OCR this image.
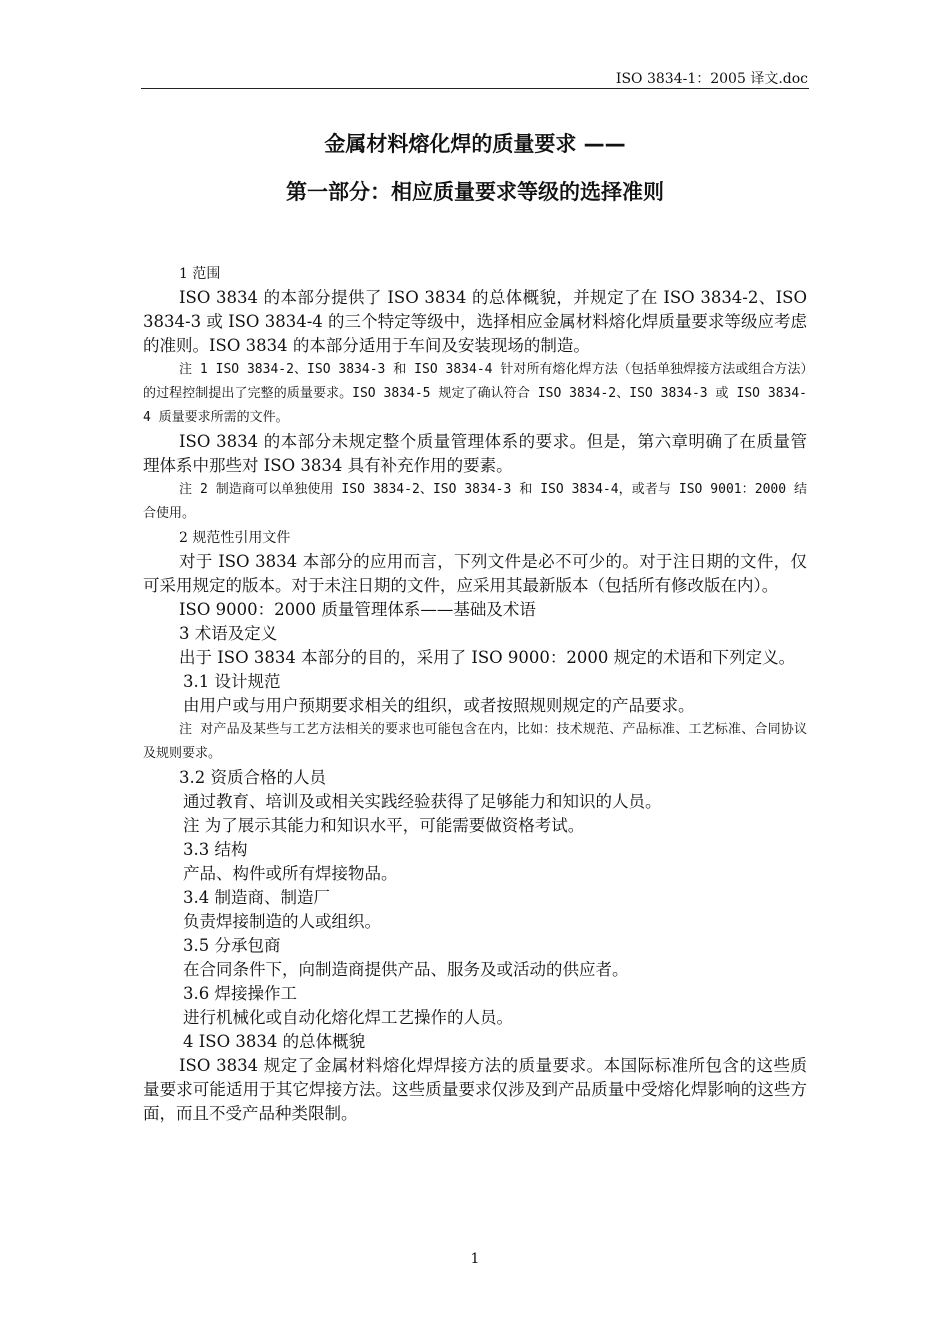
ISO 3834-1：2005 译文.doc
金属材料熔化焊的质量要求 ——
第一部分：相应质量要求等级的选择准则

1 范围

ISO 3834 的本部分提供了 ISO 3834 的总体概貌，并规定了在 ISO 3834-2、ISO 3834-3 或 ISO 3834-4 的三个特定等级中，选择相应金属材料熔化焊质量要求等级应考虑的准则。ISO 3834 的本部分适用于车间及安装现场的制造。

注 1 ISO 3834-2、ISO 3834-3 和 ISO 3834-4 针对所有熔化焊方法（包括单独焊接方法或组合方法）的过程控制提出了完整的质量要求。ISO 3834-5 规定了确认符合 ISO 3834-2、ISO 3834-3 或 ISO 3834-4 质量要求所需的文件。

ISO 3834 的本部分未规定整个质量管理体系的要求。但是，第六章明确了在质量管理体系中那些对 ISO 3834 具有补充作用的要素。

注 2 制造商可以单独使用 ISO 3834-2、ISO 3834-3 和 ISO 3834-4，或者与 ISO 9001：2000 结合使用。

2 规范性引用文件

对于 ISO 3834 本部分的应用而言，下列文件是必不可少的。对于注日期的文件，仅可采用规定的版本。对于未注日期的文件，应采用其最新版本（包括所有修改版在内）。

ISO 9000：2000 质量管理体系——基础及术语

3 术语及定义

出于 ISO 3834 本部分的目的，采用了 ISO 9000：2000 规定的术语和下列定义。

3.1 设计规范

由用户或与用户预期要求相关的组织，或者按照规则规定的产品要求。

注 对产品及某些与工艺方法相关的要求也可能包含在内，比如：技术规范、产品标准、工艺标准、合同协议及规则要求。

3.2 资质合格的人员

通过教育、培训及或相关实践经验获得了足够能力和知识的人员。

注 为了展示其能力和知识水平，可能需要做资格考试。

3.3 结构

产品、构件或所有焊接物品。

3.4 制造商、制造厂

负责焊接制造的人或组织。

3.5 分承包商

在合同条件下，向制造商提供产品、服务及或活动的供应者。

3.6 焊接操作工

进行机械化或自动化熔化焊工艺操作的人员。

4 ISO 3834 的总体概貌

ISO 3834 规定了金属材料熔化焊焊接方法的质量要求。本国际标准所包含的这些质量要求可能适用于其它焊接方法。这些质量要求仅涉及到产品质量中受熔化焊影响的这些方面，而且不受产品种类限制。

1
